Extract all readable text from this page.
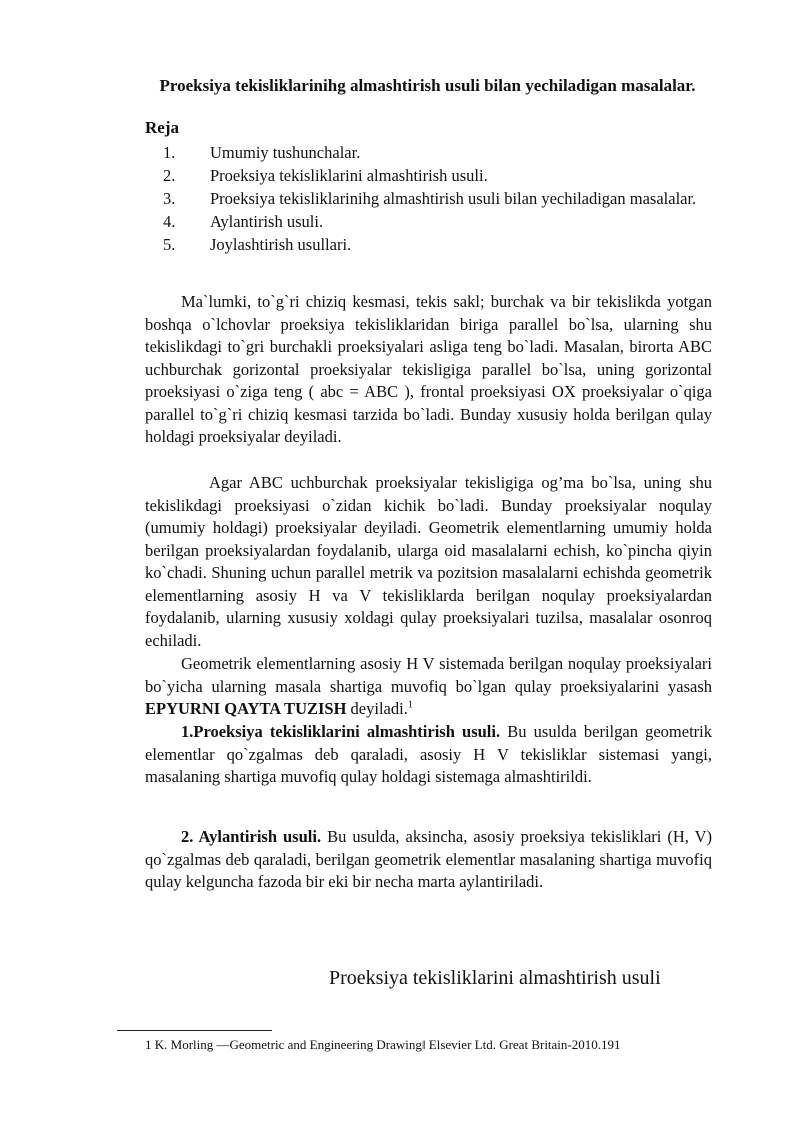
Proeksiya tekisliklarinihg almashtirish usuli bilan yechiladigan masalalar.
Reja
1.	Umumiy tushunchalar.
2.	Proeksiya tekisliklarini almashtirish usuli.
3. Proeksiya tekisliklarinihg almashtirish usuli bilan yechiladigan masalalar.
4.	Aylantirish usuli.
5.	Joylashtirish usullari.
Ma`lumki, to`g`ri chiziq kesmasi, tekis sakl; burchak va bir tekislikda yotgan boshqa o`lchovlar proeksiya tekisliklaridan biriga parallel bo`lsa, ularning shu tekislikdagi to`gri burchakli proeksiyalari asliga teng bo`ladi. Masalan, birorta ABC uchburchak gorizontal proeksiyalar tekisligiga parallel bo`lsa, uning gorizontal proeksiyasi o`ziga teng ( abc = ABC ), frontal proeksiyasi OX proeksiyalar o`qiga parallel to`g`ri chiziq kesmasi tarzida bo`ladi. Bunday xususiy holda berilgan qulay holdagi proeksiyalar deyiladi.
Agar ABC uchburchak proeksiyalar tekisligiga og’ma bo`lsa, uning shu tekislikdagi proeksiyasi o`zidan kichik bo`ladi. Bunday proeksiyalar noqulay (umumiy holdagi) proeksiyalar deyiladi. Geometrik elementlarning umumiy holda berilgan proeksiyalardan foydalanib, ularga oid masalalarni echish, ko`pincha qiyin ko`chadi. Shuning uchun parallel metrik va pozitsion masalalarni echishda geometrik elementlarning asosiy H va V tekisliklarda berilgan noqulay proeksiyalardan foydalanib, ularning xususiy xoldagi qulay proeksiyalari tuzilsa, masalalar osonroq echiladi.
Geometrik elementlarning asosiy H V sistemada berilgan noqulay proeksiyalari bo`yicha ularning masala shartiga muvofiq bo`lgan qulay proeksiyalarini yasash EPYURNI QAYTA TUZISH deyiladi.$^1$
1.Proeksiya tekisliklarini almashtirish usuli. Bu usulda berilgan geometrik elementlar qo`zgalmas deb qaraladi, asosiy H V tekisliklar sistemasi yangi, masalaning shartiga muvofiq qulay holdagi sistemaga almashtirildi.
2. Aylantirish usuli. Bu usulda, aksincha, asosiy proeksiya tekisliklari (H, V) qo`zgalmas deb qaraladi, berilgan geometrik elementlar masalaning shartiga muvofiq qulay kelguncha fazoda bir eki bir necha marta aylantiriladi.
Proeksiya tekisliklarini almashtirish usuli
1 K. Morling —Geometric and Engineering Drawing‖ Elsevier Ltd. Great Britain-2010.191
